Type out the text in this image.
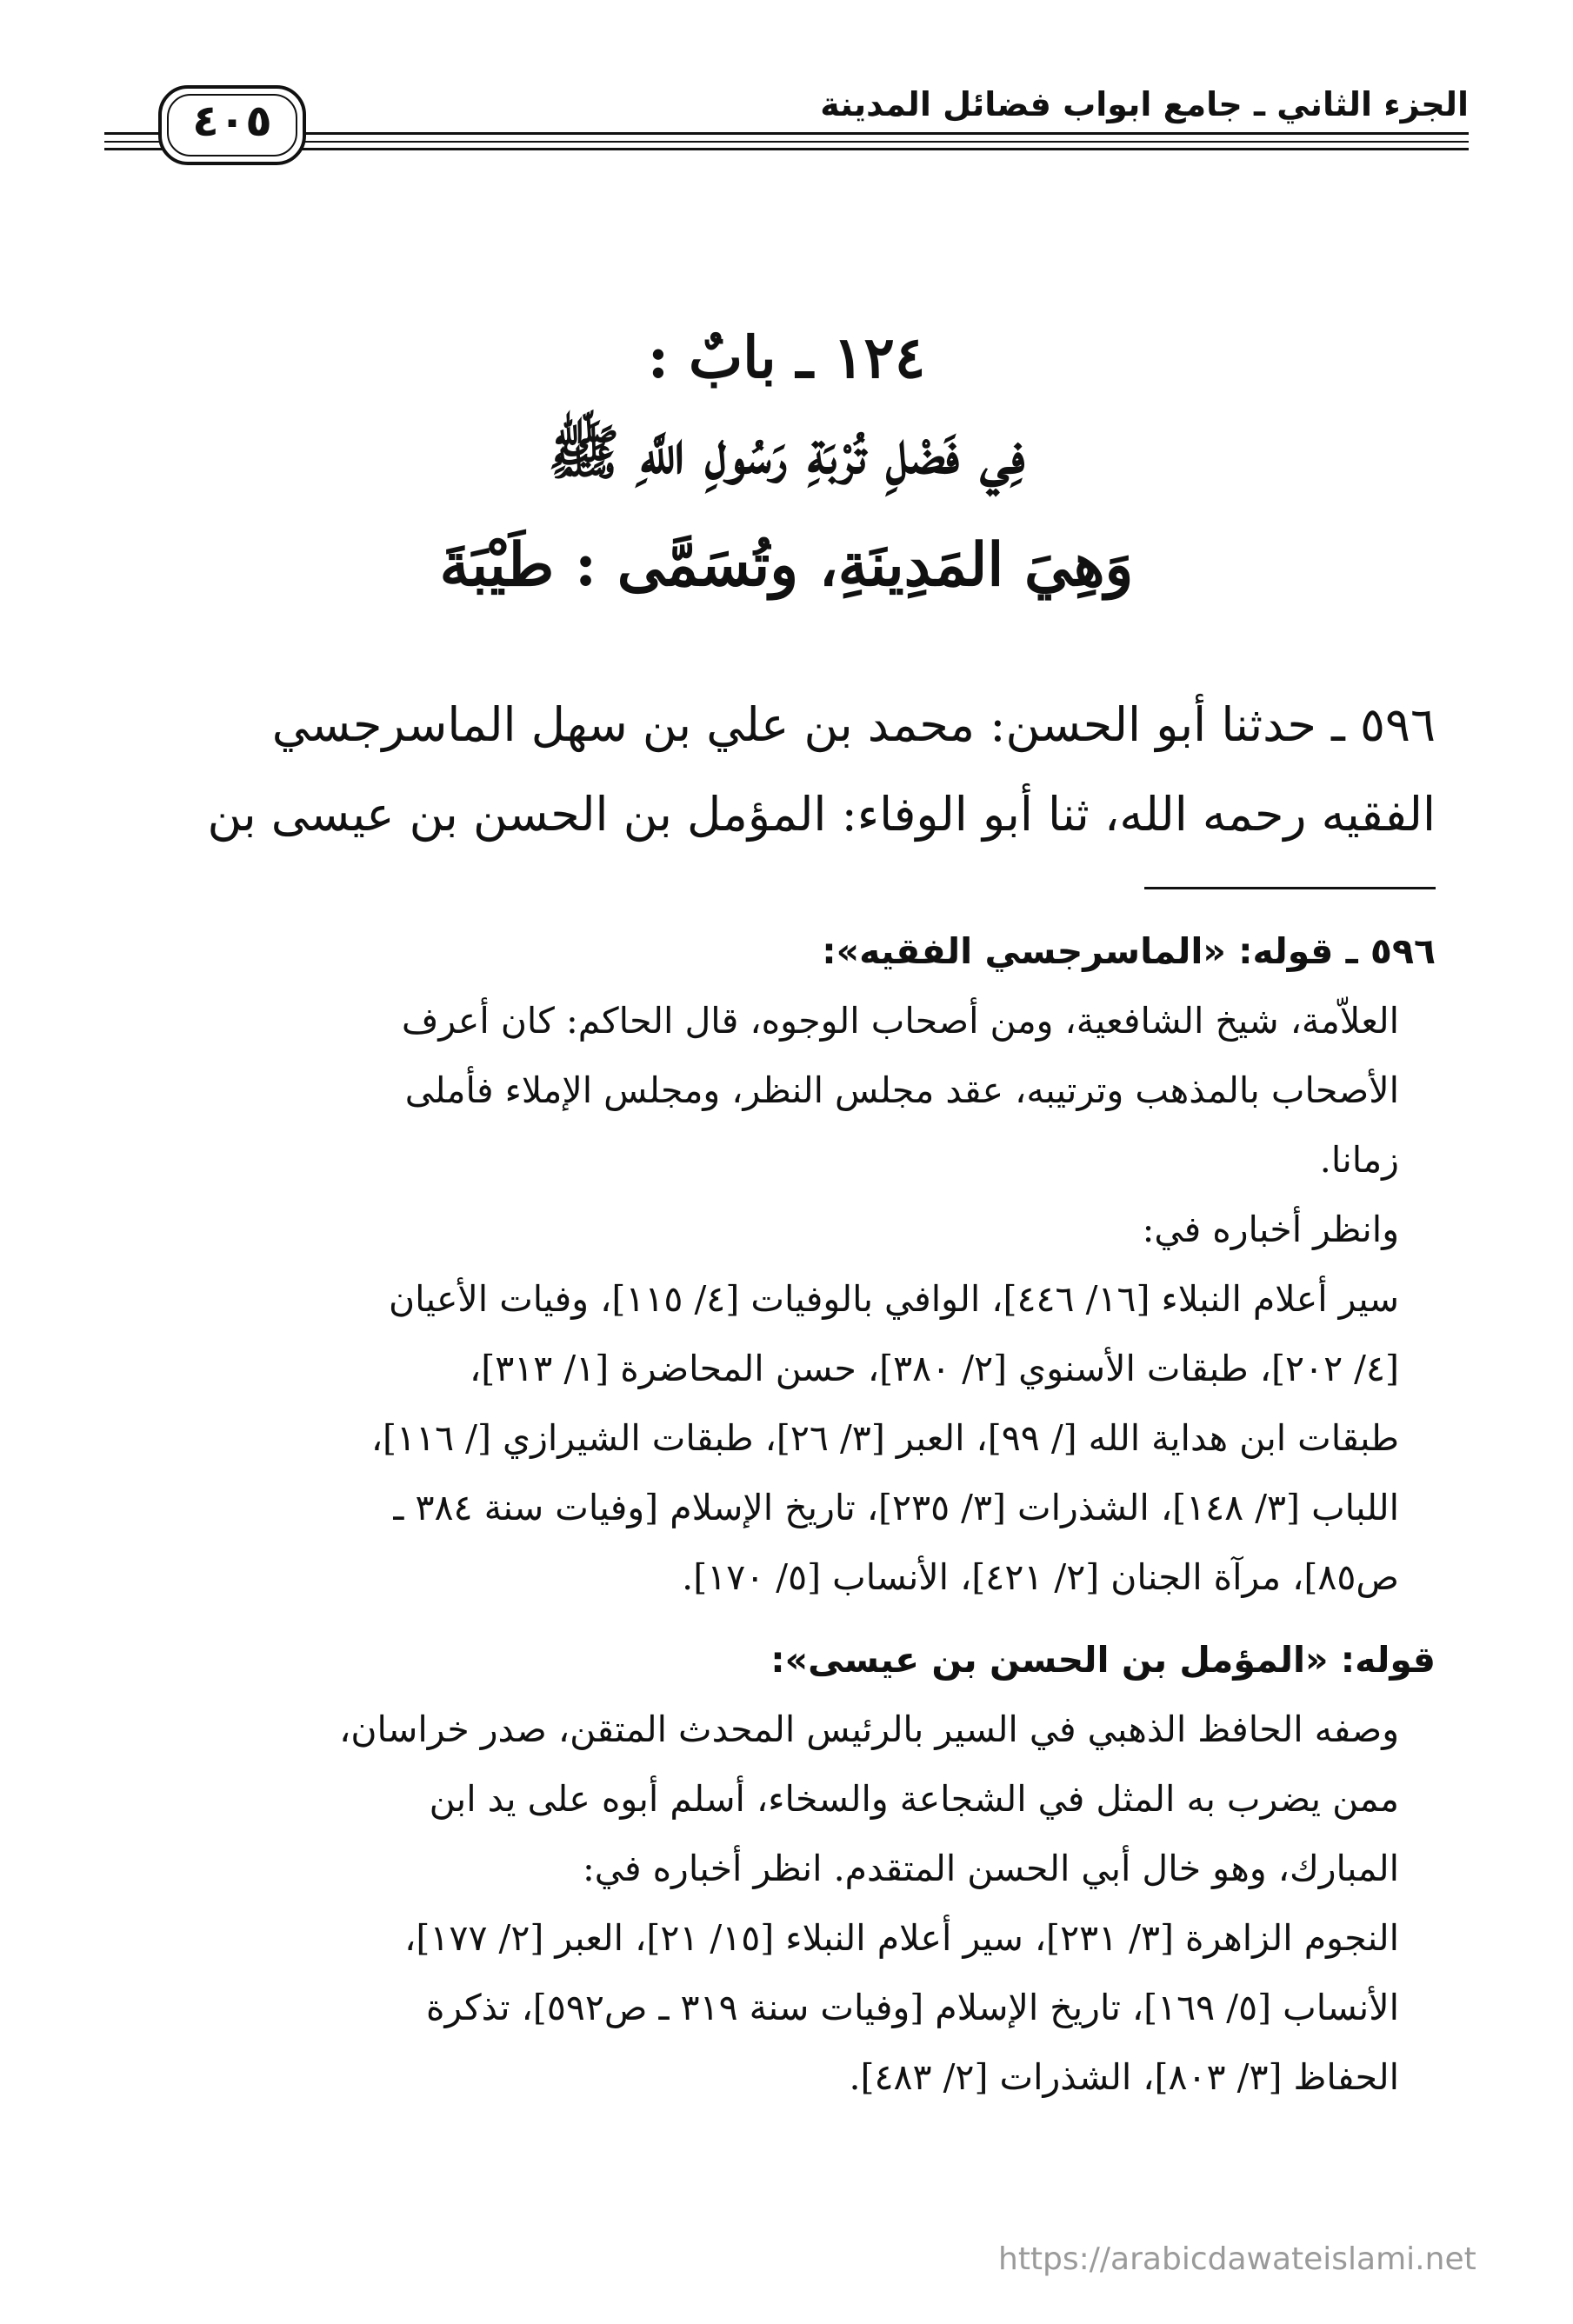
الجزء الثاني ـ جامع ابواب فضائل المدينة
٤٠٥
١٢٤ ـ بابٌ :
فِي فَضْلِ تُرْبَةِ رَسُولِ اللَّهِ ﷺ
وَهِيَ المَدِينَةِ، وتُسَمَّى : طَيْبَةَ
٥٩٦ ـ حدثنا أبو الحسن: محمد بن علي بن سهل الماسرجسي
الفقيه رحمه الله، ثنا أبو الوفاء: المؤمل بن الحسن بن عيسى بن
٥٩٦ ـ قوله: «الماسرجسي الفقيه»:
العلاّمة، شيخ الشافعية، ومن أصحاب الوجوه، قال الحاكم: كان أعرف
الأصحاب بالمذهب وترتيبه، عقد مجلس النظر، ومجلس الإملاء فأملى
زمانا.
وانظر أخباره في:
سير أعلام النبلاء [١٦/ ٤٤٦]، الوافي بالوفيات [٤/ ١١٥]، وفيات الأعيان
[٤/ ٢٠٢]، طبقات الأسنوي [٢/ ٣٨٠]، حسن المحاضرة [١/ ٣١٣]،
طبقات ابن هداية الله [/ ٩٩]، العبر [٣/ ٢٦]، طبقات الشيرازي [/ ١١٦]،
اللباب [٣/ ١٤٨]، الشذرات [٣/ ٢٣٥]، تاريخ الإسلام [وفيات سنة ٣٨٤ ـ
ص٨٥]، مرآة الجنان [٢/ ٤٢١]، الأنساب [٥/ ١٧٠].
قوله: «المؤمل بن الحسن بن عيسى»:
وصفه الحافظ الذهبي في السير بالرئيس المحدث المتقن، صدر خراسان،
ممن يضرب به المثل في الشجاعة والسخاء، أسلم أبوه على يد ابن
المبارك، وهو خال أبي الحسن المتقدم. انظر أخباره في:
النجوم الزاهرة [٣/ ٢٣١]، سير أعلام النبلاء [١٥/ ٢١]، العبر [٢/ ١٧٧]،
الأنساب [٥/ ١٦٩]، تاريخ الإسلام [وفيات سنة ٣١٩ ـ ص٥٩٢]، تذكرة
الحفاظ [٣/ ٨٠٣]، الشذرات [٢/ ٤٨٣].
https://arabicdawateislami.net
